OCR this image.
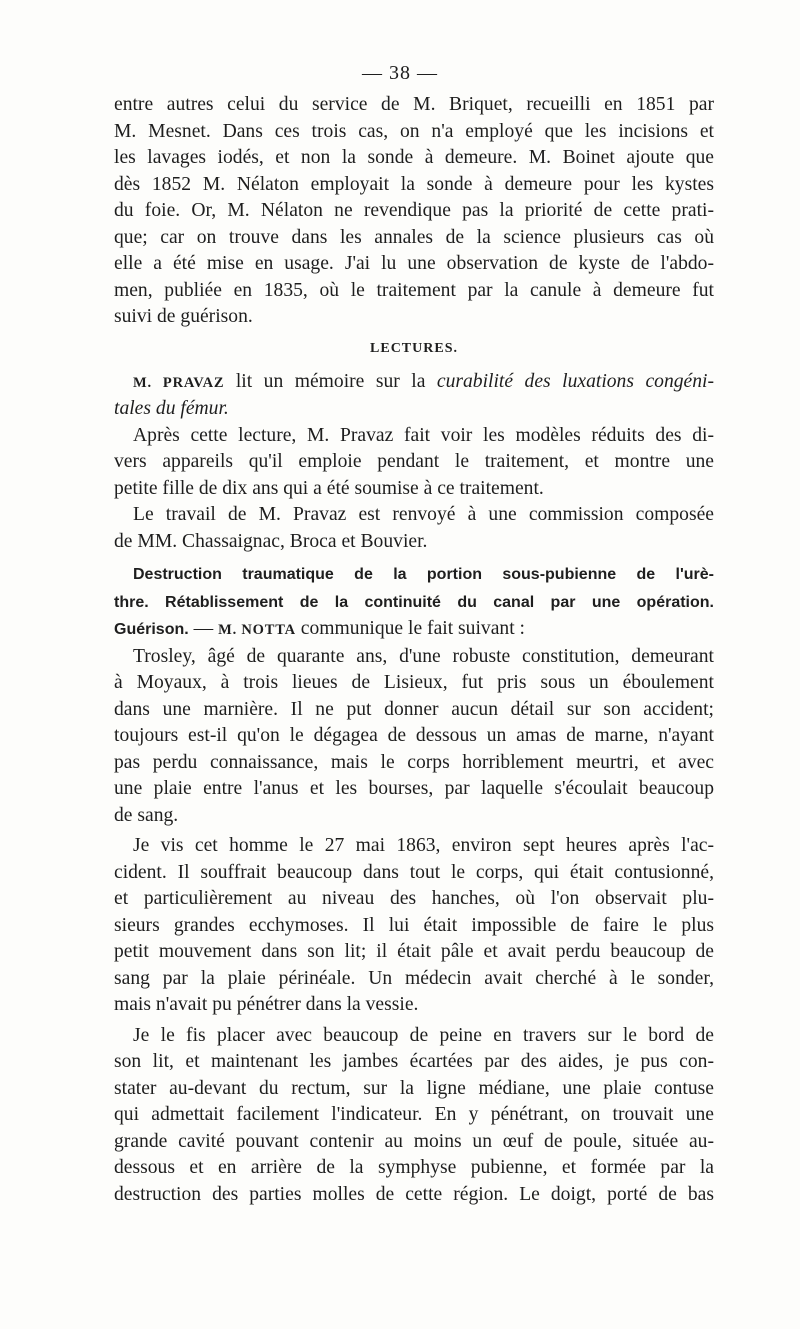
— 38 —

entre autres celui du service de M. Briquet, recueilli en 1851 par

M. Mesnet. Dans ces trois cas, on n'a employé que les incisions et

les lavages iodés, et non la sonde à demeure. M. Boinet ajoute que

dès 1852 M. Nélaton employait la sonde à demeure pour les kystes

du foie. Or, M. Nélaton ne revendique pas la priorité de cette prati-

que; car on trouve dans les annales de la science plusieurs cas où

elle a été mise en usage. J'ai lu une observation de kyste de l'abdo-

men, publiée en 1835, où le traitement par la canule à demeure fut

suivi de guérison.

LECTURES.

M. PRAVAZ lit un mémoire sur la curabilité des luxations congéni-

tales du fémur.

Après cette lecture, M. Pravaz fait voir les modèles réduits des di-

vers appareils qu'il emploie pendant le traitement, et montre une

petite fille de dix ans qui a été soumise à ce traitement.

Le travail de M. Pravaz est renvoyé à une commission composée

de MM. Chassaignac, Broca et Bouvier.

Destruction traumatique de la portion sous-pubienne de l'urè-

thre. Rétablissement de la continuité du canal par une opération.

Guérison. — M. NOTTA communique le fait suivant :

Trosley, âgé de quarante ans, d'une robuste constitution, demeurant

à Moyaux, à trois lieues de Lisieux, fut pris sous un éboulement

dans une marnière. Il ne put donner aucun détail sur son accident;

toujours est-il qu'on le dégagea de dessous un amas de marne, n'ayant

pas perdu connaissance, mais le corps horriblement meurtri, et avec

une plaie entre l'anus et les bourses, par laquelle s'écoulait beaucoup

de sang.

Je vis cet homme le 27 mai 1863, environ sept heures après l'ac-

cident. Il souffrait beaucoup dans tout le corps, qui était contusionné,

et particulièrement au niveau des hanches, où l'on observait plu-

sieurs grandes ecchymoses. Il lui était impossible de faire le plus

petit mouvement dans son lit; il était pâle et avait perdu beaucoup de

sang par la plaie périnéale. Un médecin avait cherché à le sonder,

mais n'avait pu pénétrer dans la vessie.

Je le fis placer avec beaucoup de peine en travers sur le bord de

son lit, et maintenant les jambes écartées par des aides, je pus con-

stater au-devant du rectum, sur la ligne médiane, une plaie contuse

qui admettait facilement l'indicateur. En y pénétrant, on trouvait une

grande cavité pouvant contenir au moins un œuf de poule, située au-

dessous et en arrière de la symphyse pubienne, et formée par la

destruction des parties molles de cette région. Le doigt, porté de bas
